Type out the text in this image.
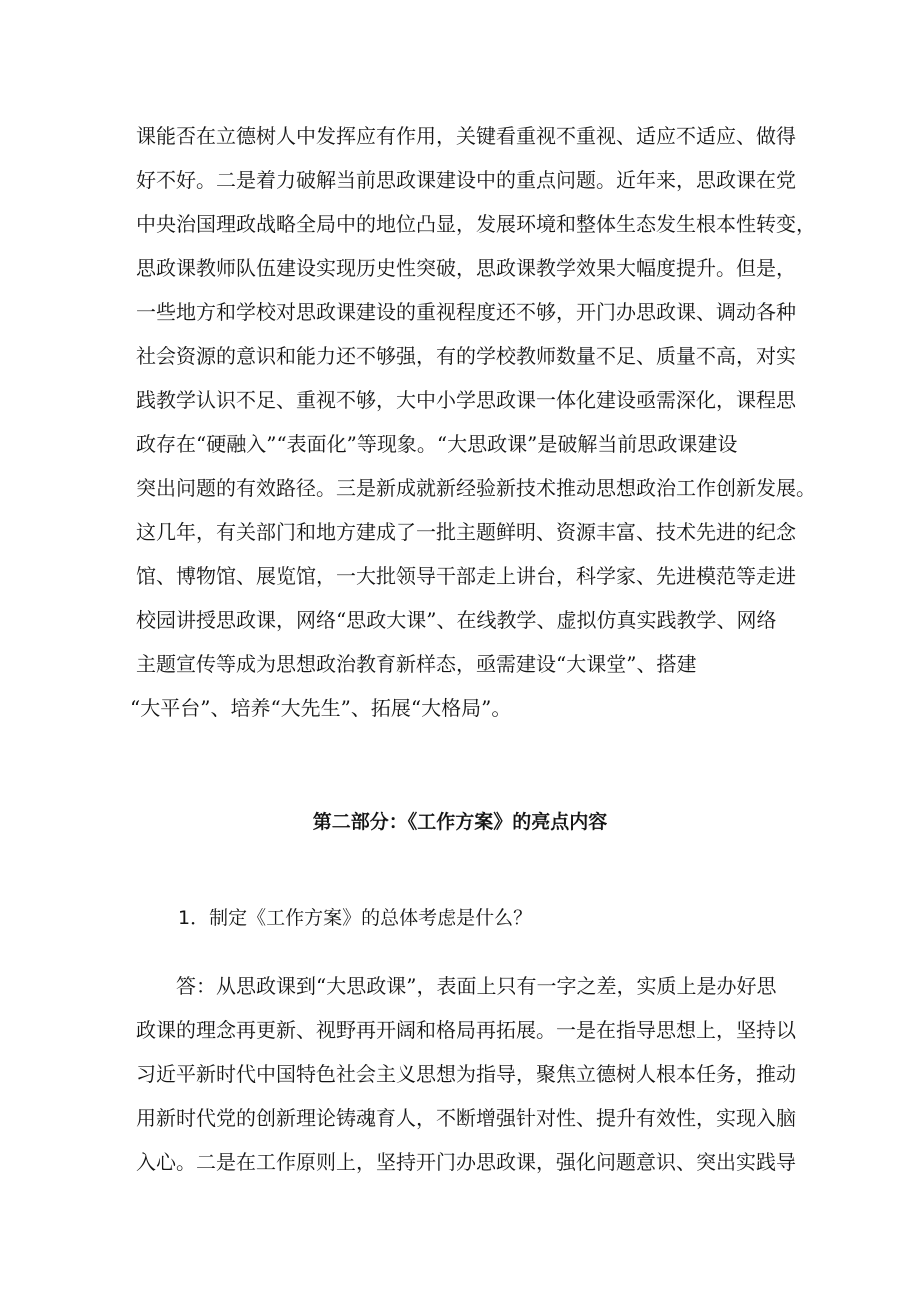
课能否在立德树人中发挥应有作用，关键看重视不重视、适应不适应、做得
好不好。二是着力破解当前思政课建设中的重点问题。近年来，思政课在党
中央治国理政战略全局中的地位凸显，发展环境和整体生态发生根本性转变，
思政课教师队伍建设实现历史性突破，思政课教学效果大幅度提升。但是，
一些地方和学校对思政课建设的重视程度还不够，开门办思政课、调动各种
社会资源的意识和能力还不够强，有的学校教师数量不足、质量不高，对实
践教学认识不足、重视不够，大中小学思政课一体化建设亟需深化，课程思
政存在“硬融入”“表面化”等现象。“大思政课”是破解当前思政课建设
突出问题的有效路径。三是新成就新经验新技术推动思想政治工作创新发展。
这几年，有关部门和地方建成了一批主题鲜明、资源丰富、技术先进的纪念
馆、博物馆、展览馆，一大批领导干部走上讲台，科学家、先进模范等走进
校园讲授思政课，网络“思政大课”、在线教学、虚拟仿真实践教学、网络
主题宣传等成为思想政治教育新样态，亟需建设“大课堂”、搭建
“大平台”、培养“大先生”、拓展“大格局”。
第二部分：《工作方案》的亮点内容
1．制定《工作方案》的总体考虑是什么？
答：从思政课到“大思政课”，表面上只有一字之差，实质上是办好思
政课的理念再更新、视野再开阔和格局再拓展。一是在指导思想上，坚持以
习近平新时代中国特色社会主义思想为指导，聚焦立德树人根本任务，推动
用新时代党的创新理论铸魂育人，不断增强针对性、提升有效性，实现入脑
入心。二是在工作原则上，坚持开门办思政课，强化问题意识、突出实践导
